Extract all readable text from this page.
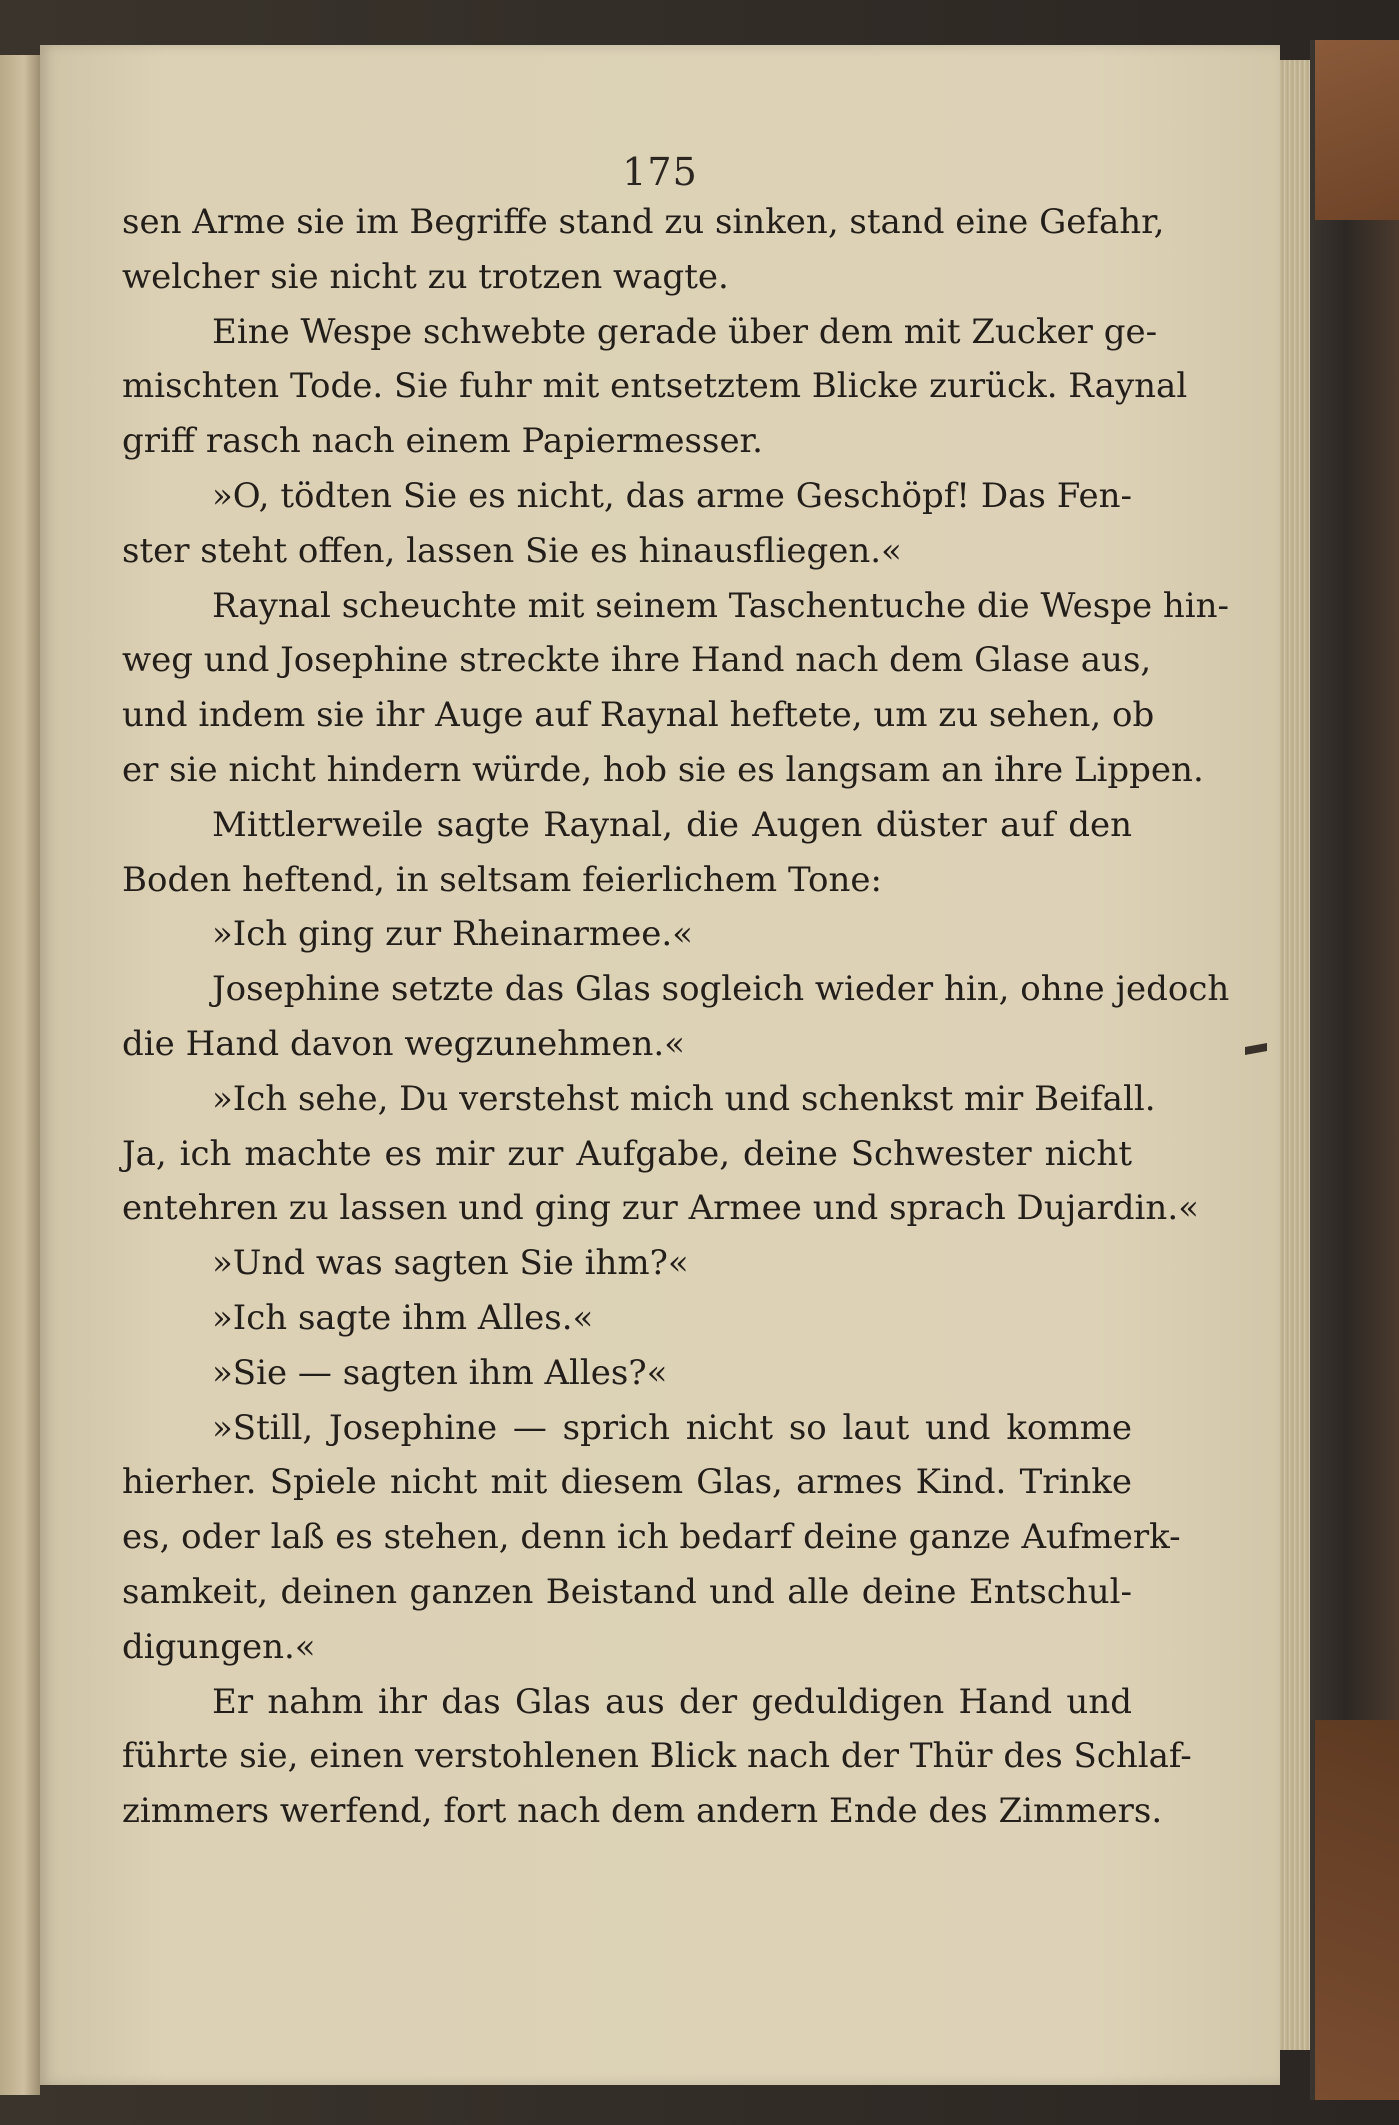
175
sen Arme sie im Begriffe stand zu sinken, stand eine Gefahr,
welcher sie nicht zu trotzen wagte.
Eine Wespe schwebte gerade über dem mit Zucker ge-
mischten Tode. Sie fuhr mit entsetztem Blicke zurück. Raynal
griff rasch nach einem Papiermesser.
»O, tödten Sie es nicht, das arme Geschöpf! Das Fen-
ster steht offen, lassen Sie es hinausfliegen.«
Raynal scheuchte mit seinem Taschentuche die Wespe hin-
weg und Josephine streckte ihre Hand nach dem Glase aus,
und indem sie ihr Auge auf Raynal heftete, um zu sehen, ob
er sie nicht hindern würde, hob sie es langsam an ihre Lippen.
Mittlerweile sagte Raynal, die Augen düster auf den
Boden heftend, in seltsam feierlichem Tone:
»Ich ging zur Rheinarmee.«
Josephine setzte das Glas sogleich wieder hin, ohne jedoch
die Hand davon wegzunehmen.«
»Ich sehe, Du verstehst mich und schenkst mir Beifall.
Ja, ich machte es mir zur Aufgabe, deine Schwester nicht
entehren zu lassen und ging zur Armee und sprach Dujardin.«
»Und was sagten Sie ihm?«
»Ich sagte ihm Alles.«
»Sie — sagten ihm Alles?«
»Still, Josephine — sprich nicht so laut und komme
hierher. Spiele nicht mit diesem Glas, armes Kind. Trinke
es, oder laß es stehen, denn ich bedarf deine ganze Aufmerk-
samkeit, deinen ganzen Beistand und alle deine Entschul-
digungen.«
Er nahm ihr das Glas aus der geduldigen Hand und
führte sie, einen verstohlenen Blick nach der Thür des Schlaf-
zimmers werfend, fort nach dem andern Ende des Zimmers.
